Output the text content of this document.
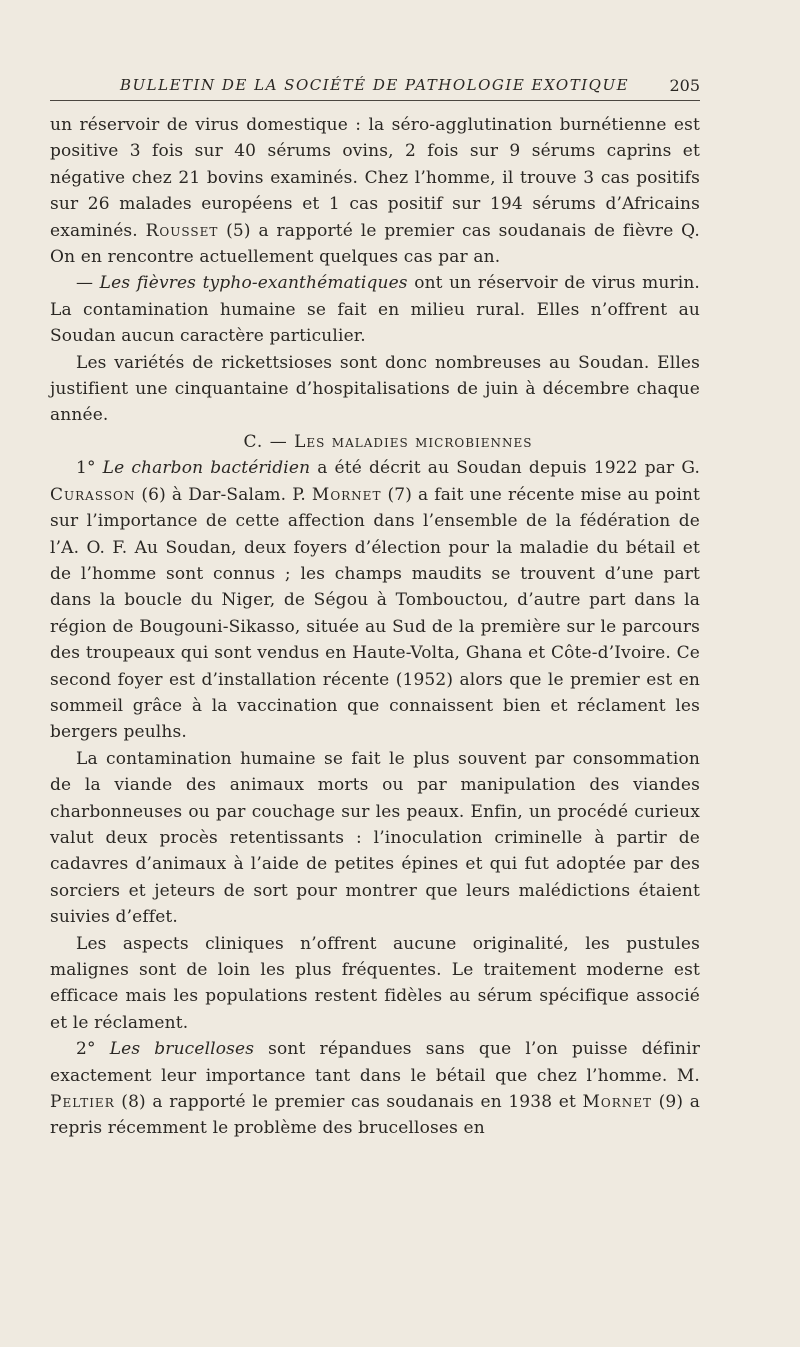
BULLETIN DE LA SOCIÉTÉ DE PATHOLOGIE EXOTIQUE	205

un réservoir de virus domestique : la séro-agglutination burnétienne est positive 3 fois sur 40 sérums ovins, 2 fois sur 9 sérums caprins et négative chez 21 bovins examinés. Chez l’homme, il trouve 3 cas positifs sur 26 malades européens et 1 cas positif sur 194 sérums d’Africains examinés. Rousset (5) a rapporté le premier cas soudanais de fièvre Q. On en rencontre actuellement quelques cas par an.

— Les fièvres typho-exanthématiques ont un réservoir de virus murin. La contamination humaine se fait en milieu rural. Elles n’offrent au Soudan aucun caractère particulier.

Les variétés de rickettsioses sont donc nombreuses au Soudan. Elles justifient une cinquantaine d’hospitalisations de juin à décembre chaque année.

C. — Les maladies microbiennes

1° Le charbon bactéridien a été décrit au Soudan depuis 1922 par G. Curasson (6) à Dar-Salam. P. Mornet (7) a fait une récente mise au point sur l’importance de cette affection dans l’ensemble de la fédération de l’A. O. F. Au Soudan, deux foyers d’élection pour la maladie du bétail et de l’homme sont connus ; les champs maudits se trouvent d’une part dans la boucle du Niger, de Ségou à Tombouctou, d’autre part dans la région de Bougouni-Sikasso, située au Sud de la première sur le parcours des troupeaux qui sont vendus en Haute-Volta, Ghana et Côte-d’Ivoire. Ce second foyer est d’installation récente (1952) alors que le premier est en sommeil grâce à la vaccination que connaissent bien et réclament les bergers peulhs.

La contamination humaine se fait le plus souvent par consommation de la viande des animaux morts ou par manipulation des viandes charbonneuses ou par couchage sur les peaux. Enfin, un procédé curieux valut deux procès retentissants : l’inoculation criminelle à partir de cadavres d’animaux à l’aide de petites épines et qui fut adoptée par des sorciers et jeteurs de sort pour montrer que leurs malédictions étaient suivies d’effet.

Les aspects cliniques n’offrent aucune originalité, les pustules malignes sont de loin les plus fréquentes. Le traitement moderne est efficace mais les populations restent fidèles au sérum spécifique associé et le réclament.

2° Les brucelloses sont répandues sans que l’on puisse définir exactement leur importance tant dans le bétail que chez l’homme. M. Peltier (8) a rapporté le premier cas soudanais en 1938 et Mornet (9) a repris récemment le problème des brucelloses en
